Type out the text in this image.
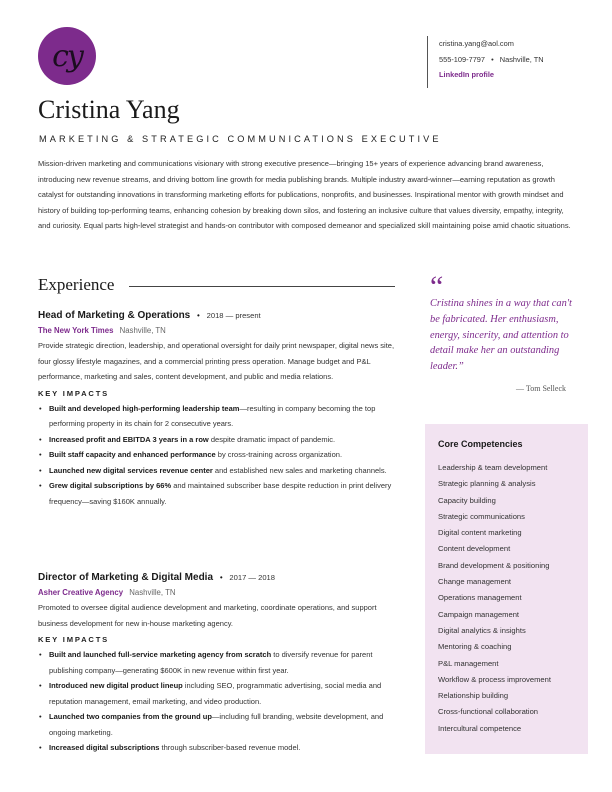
cy	cristina.yang@aol.com
555-109-7797 • Nashville, TN
LinkedIn profile
Cristina Yang
MARKETING & STRATEGIC COMMUNICATIONS EXECUTIVE
Mission-driven marketing and communications visionary with strong executive presence—bringing 15+ years of experience advancing brand awareness, introducing new revenue streams, and driving bottom line growth for media publishing brands. Multiple industry award-winner—earning reputation as growth catalyst for outstanding innovations in transforming marketing efforts for publications, nonprofits, and businesses. Inspirational mentor with growth mindset and history of building top-performing teams, enhancing cohesion by breaking down silos, and fostering an inclusive culture that values diversity, empathy, integrity, and curiosity. Equal parts high-level strategist and hands-on contributor with composed demeanor and specialized skill maintaining poise amid chaotic situations.
Experience
Head of Marketing & Operations • 2018 — present
The New York Times Nashville, TN
Provide strategic direction, leadership, and operational oversight for daily print newspaper, digital news site, four glossy lifestyle magazines, and a commercial printing press operation. Manage budget and P&L performance, marketing and sales, content development, and public and media relations.
KEY IMPACTS
• Built and developed high-performing leadership team—resulting in company becoming the top performing property in its chain for 2 consecutive years.
• Increased profit and EBITDA 3 years in a row despite dramatic impact of pandemic.
• Built staff capacity and enhanced performance by cross-training across organization.
• Launched new digital services revenue center and established new sales and marketing channels.
• Grew digital subscriptions by 66% and maintained subscriber base despite reduction in print delivery frequency—saving $160K annually.
Director of Marketing & Digital Media • 2017 — 2018
Asher Creative Agency Nashville, TN
Promoted to oversee digital audience development and marketing, coordinate operations, and support business development for new in-house marketing agency.
KEY IMPACTS
• Built and launched full-service marketing agency from scratch to diversify revenue for parent publishing company—generating $600K in new revenue within first year.
• Introduced new digital product lineup including SEO, programmatic advertising, social media and reputation management, email marketing, and video production.
• Launched two companies from the ground up—including full branding, website development, and ongoing marketing.
• Increased digital subscriptions through subscriber-based revenue model.
“
Cristina shines in a way that can't be fabricated. Her enthusiasm, energy, sincerity, and attention to detail make her an outstanding leader.”
— Tom Selleck
Core Competencies
Leadership & team development
Strategic planning & analysis
Capacity building
Strategic communications
Digital content marketing
Content development
Brand development & positioning
Change management
Operations management
Campaign management
Digital analytics & insights
Mentoring & coaching
P&L management
Workflow & process improvement
Relationship building
Cross-functional collaboration
Intercultural competence
